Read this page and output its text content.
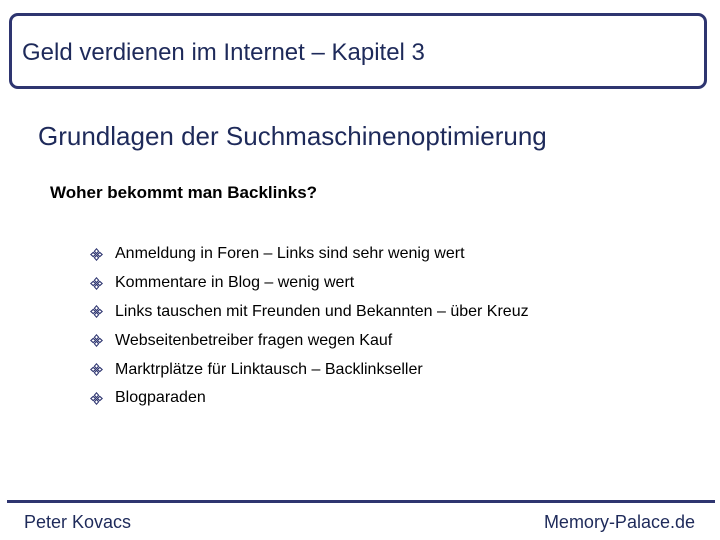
Geld verdienen im Internet – Kapitel 3
Grundlagen der Suchmaschinenoptimierung
Woher bekommt man Backlinks?
Anmeldung in Foren – Links sind sehr wenig wert
Kommentare in Blog – wenig wert
Links tauschen mit Freunden und Bekannten – über Kreuz
Webseitenbetreiber fragen wegen Kauf
Marktrplätze für Linktausch – Backlinkseller
Blogparaden
Peter Kovacs	Memory-Palace.de
